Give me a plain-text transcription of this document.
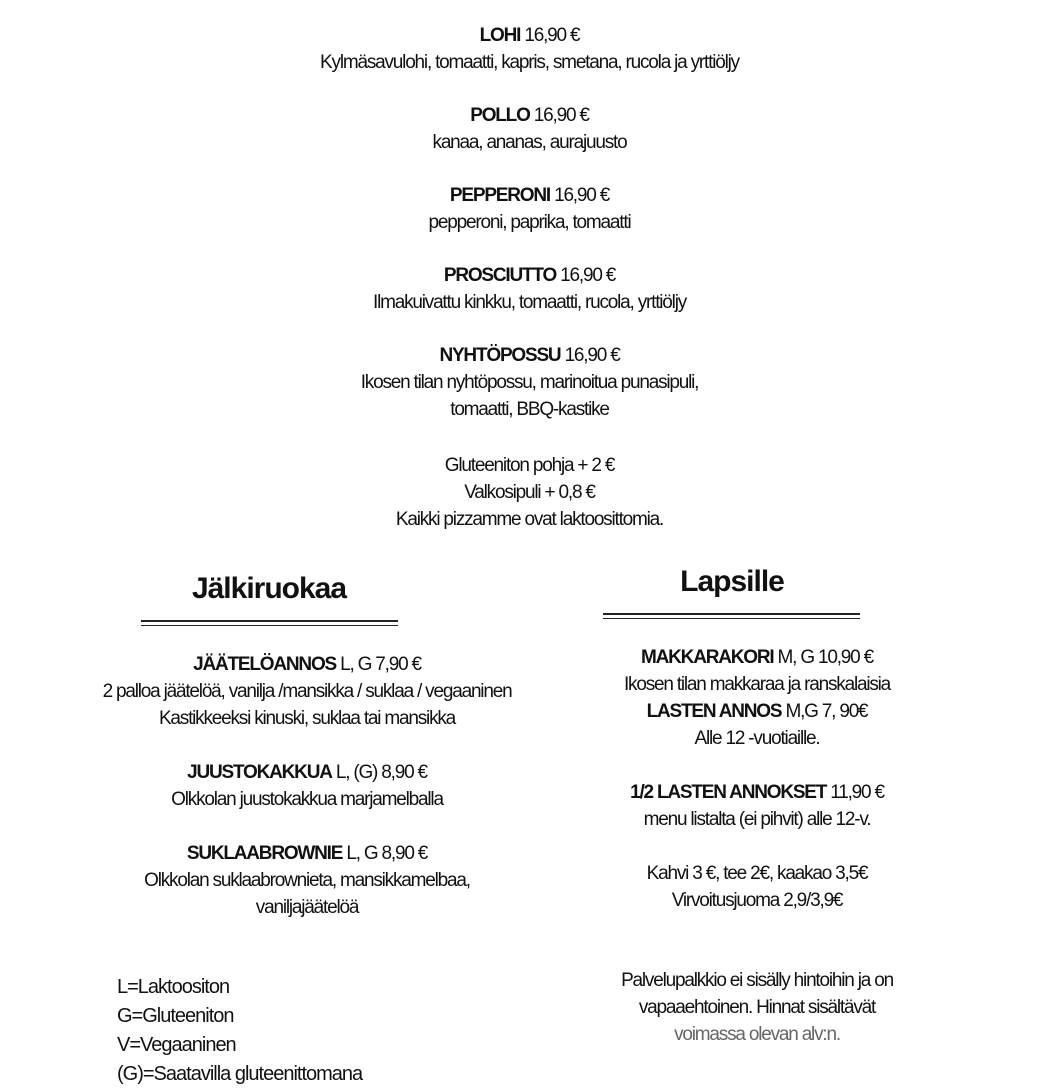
LOHI 16,90 €
Kylmäsavulohi, tomaatti, kapris, smetana, rucola ja yrttiöljy
POLLO 16,90 €
kanaa, ananas, aurajuusto
PEPPERONI 16,90 €
pepperoni, paprika, tomaatti
PROSCIUTTO 16,90 €
Ilmakuivattu kinkku, tomaatti, rucola, yrttiöljy
NYHTÖPOSSU 16,90 €
Ikosen tilan nyhtöpossu, marinoitua punasipuli,
tomaatti, BBQ-kastike
Gluteeniton pohja + 2 €
Valkosipuli + 0,8 €
Kaikki pizzamme ovat laktoosittomia.
Jälkiruokaa
JÄÄTELÖANNOS L, G 7,90 €
2 palloa jäätelöä, vanilja /mansikka / suklaa / vegaaninen
Kastikkeeksi kinuski, suklaa tai mansikka
JUUSTOKAKKUA L, (G) 8,90 €
Olkkolan juustokakkua marjamelballa
SUKLAABROWNIE L, G 8,90 €
Olkkolan suklaabrownieta, mansikkamelbaa,
vaniljajäätelöä
Lapsille
MAKKARAKORI M, G 10,90 €
Ikosen tilan makkaraa ja ranskalaisia
LASTEN ANNOS M,G 7, 90€
Alle 12 -vuotiaille.
1/2 LASTEN ANNOKSET 11,90 €
menu listalta (ei pihvit) alle 12-v.
Kahvi 3 €, tee 2€, kaakao 3,5€
Virvoitusjuoma 2,9/3,9€
Palvelupalkkio ei sisälly hintoihin ja on
vapaaehtoinen. Hinnat sisältävät
voimassa olevan alv:n.
L=Laktoositon
G=Gluteeniton
V=Vegaaninen
(G)=Saatavilla gluteenittomana
